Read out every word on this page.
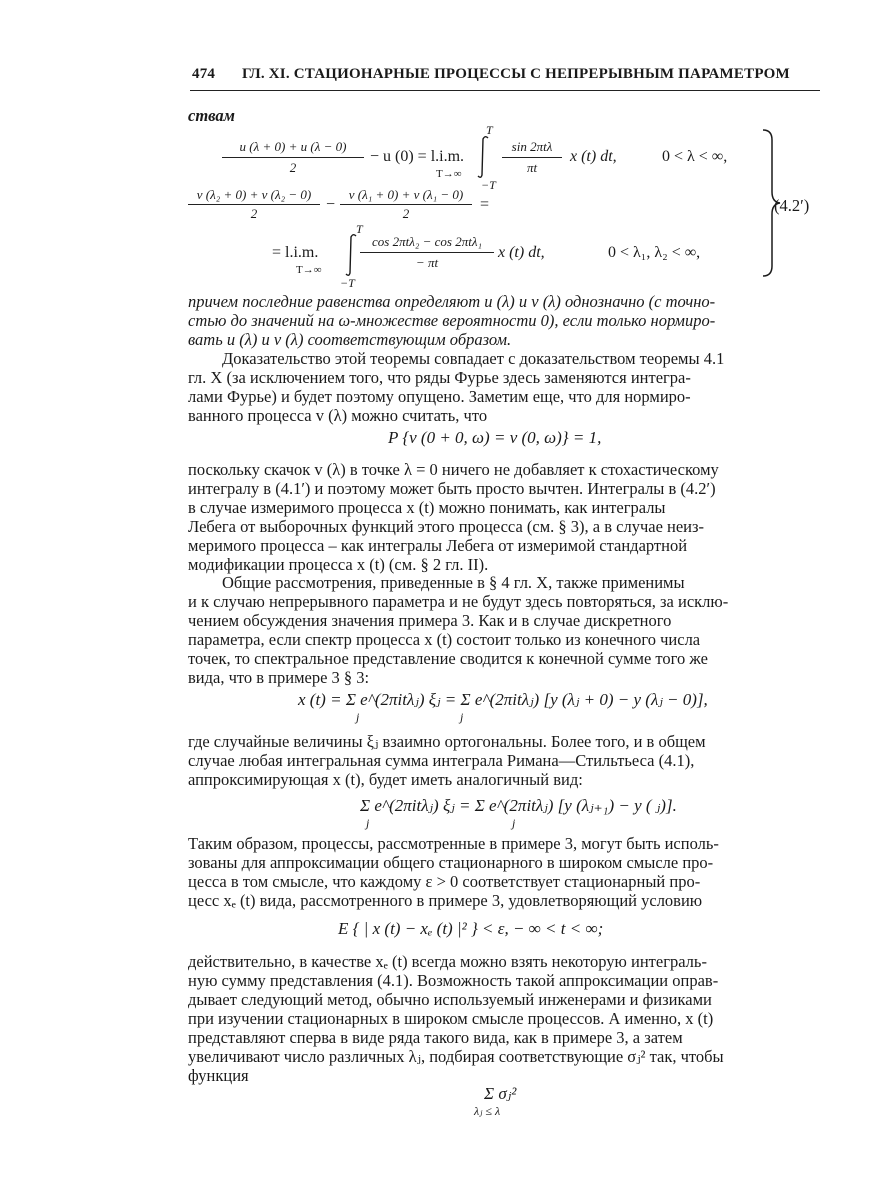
474 ГЛ. XI. СТАЦИОНАРНЫЕ ПРОЦЕССЫ С НЕПРЕРЫВНЫМ ПАРАМЕТРОМ
ствам
u (λ + 0) + u (λ − 0)
2
− u (0) = l.i.m.
T→∞
T
−T
sin 2πtλ
πt
x (t) dt,	0 < λ < ∞,
v (λ₂ + 0) + v (λ₂ − 0)
2
−
v (λ₁ + 0) + v (λ₁ − 0)
2
=
= l.i.m.
T→∞
T
−T
cos 2πtλ₂ − cos 2πtλ₁
− πt
x (t) dt,	0 < λ₁, λ₂ < ∞,
(4.2′)
причем последние равенства определяют u (λ) и v (λ) однозначно (с точно-
стью до значений на ω-множестве вероятности 0), если только нормиро-
вать u (λ) и v (λ) соответствующим образом.
Доказательство этой теоремы совпадает с доказательством теоремы 4.1
гл. X (за исключением того, что ряды Фурье здесь заменяются интегра-
лами Фурье) и будет поэтому опущено. Заметим еще, что для нормиро-
ванного процесса v (λ) можно считать, что
P {v (0 + 0, ω) = v (0, ω)} = 1,
поскольку скачок v (λ) в точке λ = 0 ничего не добавляет к стохастическому
интегралу в (4.1′) и поэтому может быть просто вычтен. Интегралы в (4.2′)
в случае измеримого процесса x (t) можно понимать, как интегралы
Лебега от выборочных функций этого процесса (см. § 3), а в случае неиз-
меримого процесса – как интегралы Лебега от измеримой стандартной
модификации процесса x (t) (см. § 2 гл. II).
Общие рассмотрения, приведенные в § 4 гл. X, также применимы
и к случаю непрерывного параметра и не будут здесь повторяться, за исклю-
чением обсуждения значения примера 3. Как и в случае дискретного
параметра, если спектр процесса x (t) состоит только из конечного числа
точек, то спектральное представление сводится к конечной сумме того же
вида, что в примере 3 § 3:
x (t) = Σ e^(2πitλⱼ) ξⱼ = Σ e^(2πitλⱼ) [y (λⱼ + 0) − y (λⱼ − 0)],
j	j
где случайные величины ξⱼ взаимно ортогональны. Более того, и в общем
случае любая интегральная сумма интеграла Римана—Стильтьеса (4.1),
аппроксимирующая x (t), будет иметь аналогичный вид:
Σ e^(2πitλⱼ) ξⱼ = Σ e^(2πitλⱼ) [y (λⱼ₊₁) − y ( ⱼ)].
j	j
Таким образом, процессы, рассмотренные в примере 3, могут быть исполь-
зованы для аппроксимации общего стационарного в широком смысле про-
цесса в том смысле, что каждому ε > 0 соответствует стационарный про-
цесс xₑ (t) вида, рассмотренного в примере 3, удовлетворяющий условию
E { | x (t) − xₑ (t) |² } < ε, − ∞ < t < ∞;
действительно, в качестве xₑ (t) всегда можно взять некоторую интеграль-
ную сумму представления (4.1). Возможность такой аппроксимации оправ-
дывает следующий метод, обычно используемый инженерами и физиками
при изучении стационарных в широком смысле процессов. А именно, x (t)
представляют сперва в виде ряда такого вида, как в примере 3, а затем
увеличивают число различных λⱼ, подбирая соответствующие σⱼ² так, чтобы
функция
Σ σⱼ²
λⱼ ≤ λ
